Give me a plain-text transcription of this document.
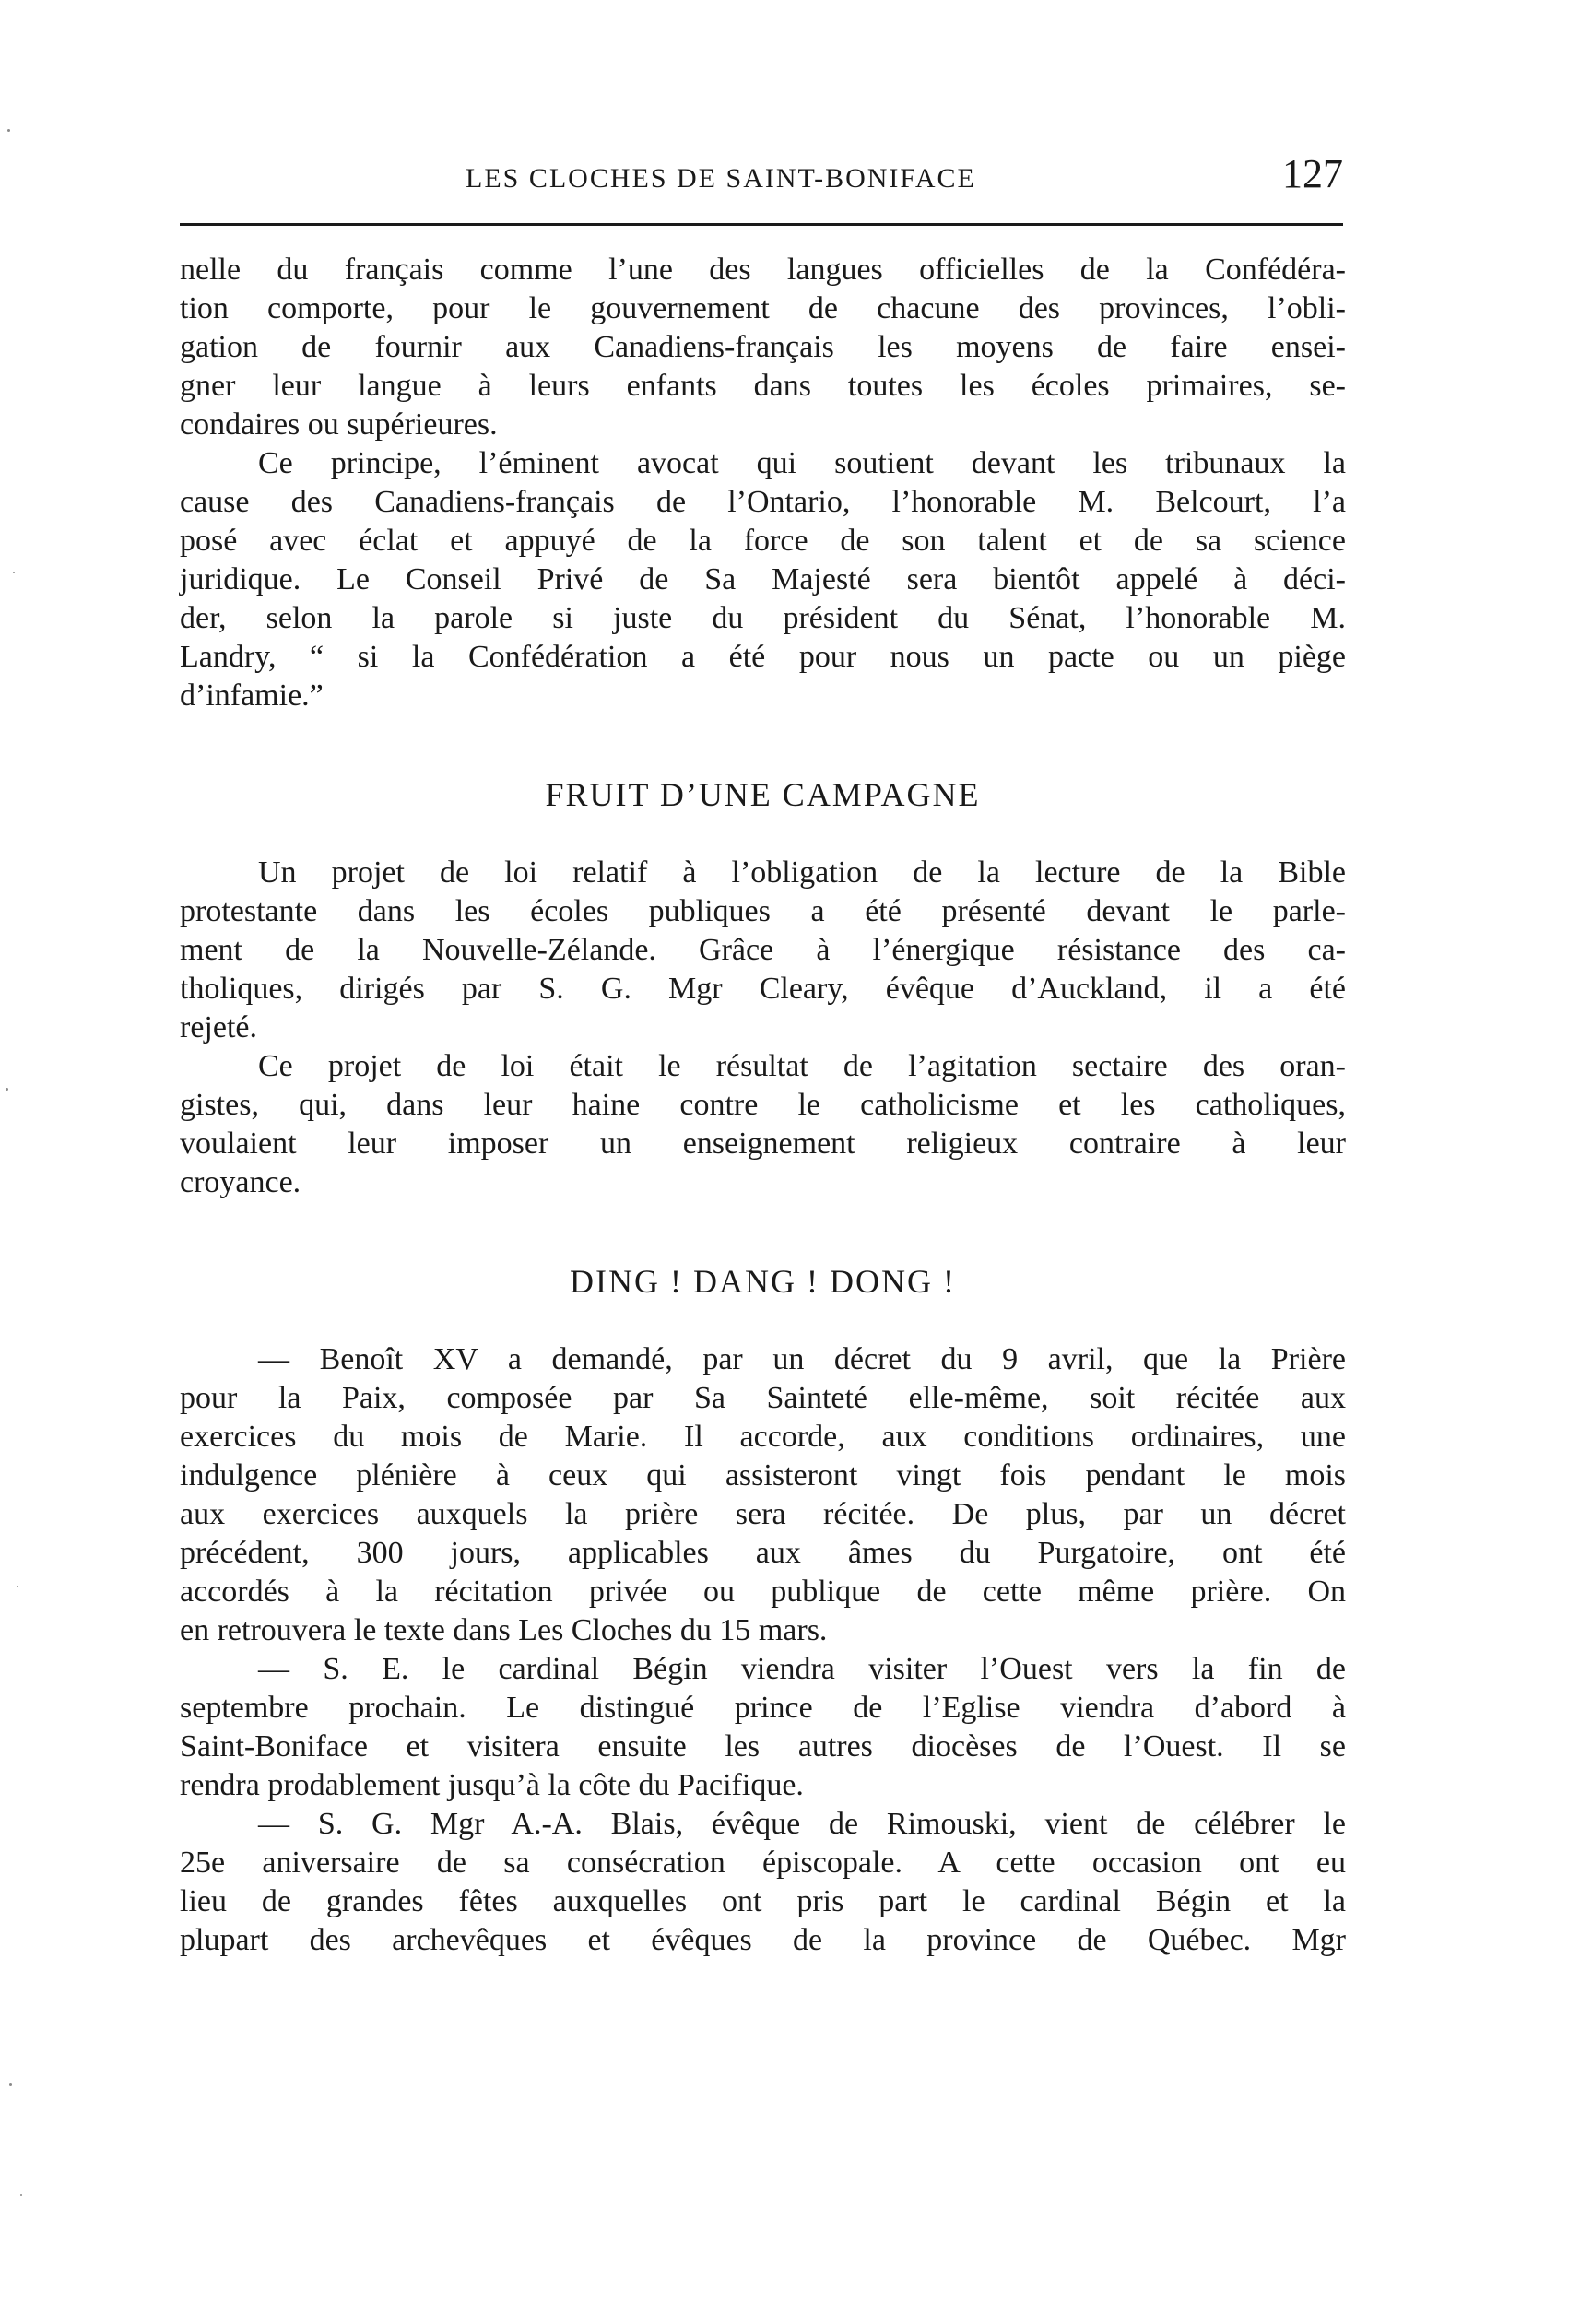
LES CLOCHES DE SAINT-BONIFACE	127
nelle du français comme l’une des langues officielles de la Confédéra-
tion comporte, pour le gouvernement de chacune des provinces, l’obli-
gation de fournir aux Canadiens-français les moyens de faire ensei-
gner leur langue à leurs enfants dans toutes les écoles primaires, se-
condaires ou supérieures.
Ce principe, l’éminent avocat qui soutient devant les tribunaux la
cause des Canadiens-français de l’Ontario, l’honorable M. Belcourt, l’a
posé avec éclat et appuyé de la force de son talent et de sa science
juridique. Le Conseil Privé de Sa Majesté sera bientôt appelé à déci-
der, selon la parole si juste du président du Sénat, l’honorable M.
Landry, “ si la Confédération a été pour nous un pacte ou un piège
d’infamie.”
FRUIT D’UNE CAMPAGNE
Un projet de loi relatif à l’obligation de la lecture de la Bible
protestante dans les écoles publiques a été présenté devant le parle-
ment de la Nouvelle-Zélande. Grâce à l’énergique résistance des ca-
tholiques, dirigés par S. G. Mgr Cleary, évêque d’Auckland, il a été
rejeté.
Ce projet de loi était le résultat de l’agitation sectaire des oran-
gistes, qui, dans leur haine contre le catholicisme et les catholiques,
voulaient leur imposer un enseignement religieux contraire à leur
croyance.
DING ! DANG ! DONG !
— Benoît XV a demandé, par un décret du 9 avril, que la Prière
pour la Paix, composée par Sa Sainteté elle-même, soit récitée aux
exercices du mois de Marie. Il accorde, aux conditions ordinaires, une
indulgence plénière à ceux qui assisteront vingt fois pendant le mois
aux exercices auxquels la prière sera récitée. De plus, par un décret
précédent, 300 jours, applicables aux âmes du Purgatoire, ont été
accordés à la récitation privée ou publique de cette même prière. On
en retrouvera le texte dans Les Cloches du 15 mars.
— S. E. le cardinal Bégin viendra visiter l’Ouest vers la fin de
septembre prochain. Le distingué prince de l’Eglise viendra d’abord à
Saint-Boniface et visitera ensuite les autres diocèses de l’Ouest. Il se
rendra prodablement jusqu’à la côte du Pacifique.
— S. G. Mgr A.-A. Blais, évêque de Rimouski, vient de célébrer le
25e aniversaire de sa consécration épiscopale. A cette occasion ont eu
lieu de grandes fêtes auxquelles ont pris part le cardinal Bégin et la
plupart des archevêques et évêques de la province de Québec. Mgr
